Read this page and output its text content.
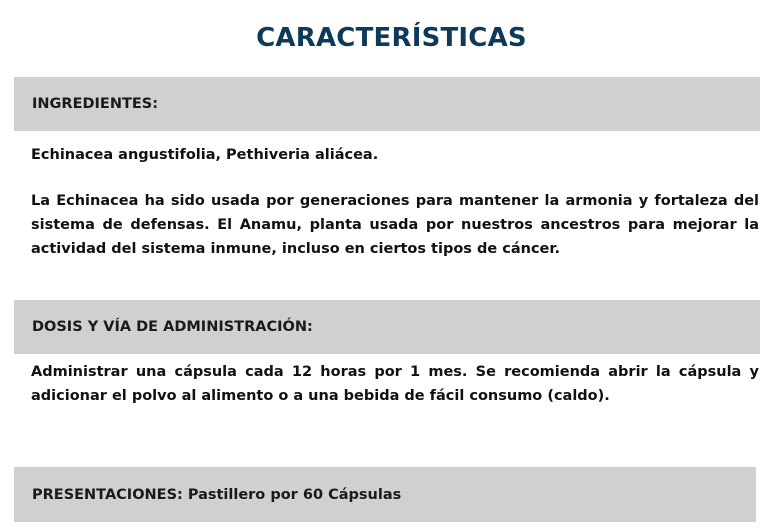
CARACTERÍSTICAS
INGREDIENTES:

Echinacea angustifolia, Pethiveria aliácea.

La Echinacea ha sido usada por generaciones para mantener la armonia y fortaleza del sistema de defensas. El Anamu, planta usada por nuestros ancestros para mejorar la actividad del sistema inmune, incluso en ciertos tipos de cáncer.

DOSIS Y VÍA DE ADMINISTRACIÓN:

Administrar una cápsula cada 12 horas por 1 mes. Se recomienda abrir la cápsula y adicionar el polvo al alimento o a una bebida de fácil consumo (caldo).

PRESENTACIONES: Pastillero por 60 Cápsulas
